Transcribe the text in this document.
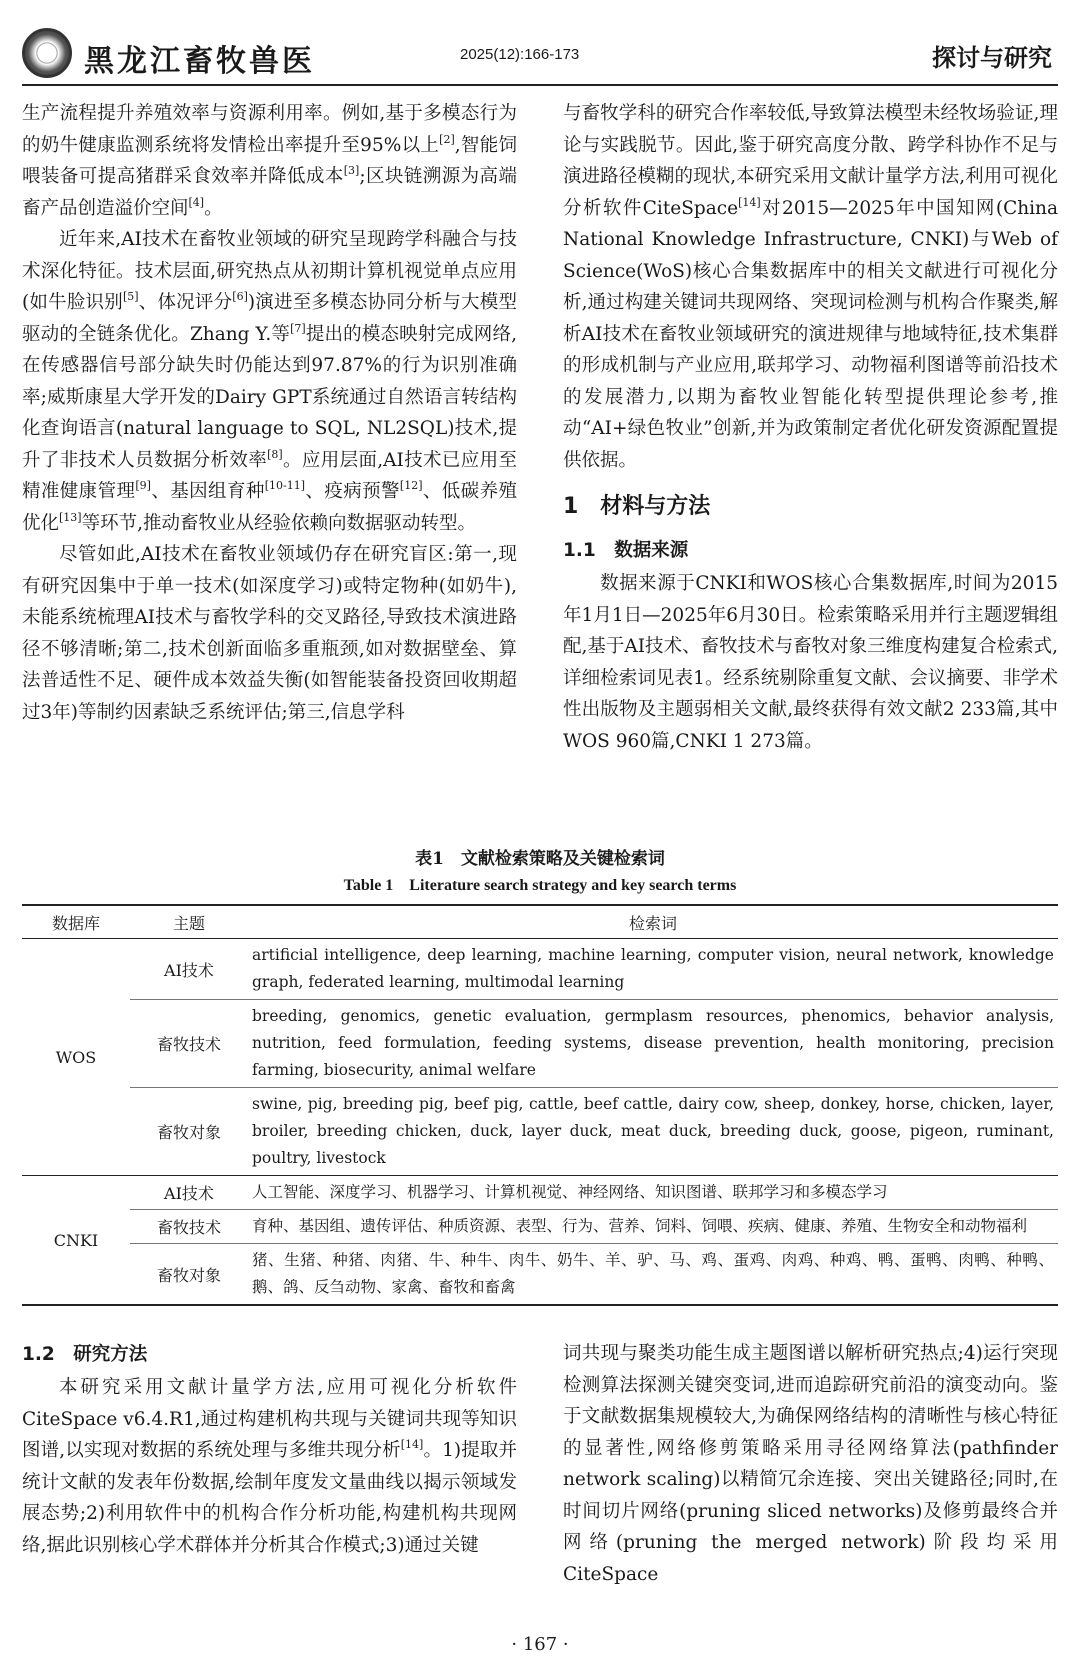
黑龙江畜牧兽医	2025(12):166-173	探讨与研究

生产流程提升养殖效率与资源利用率。例如,基于多模态行为的奶牛健康监测系统将发情检出率提升至95%以上[2],智能饲喂装备可提高猪群采食效率并降低成本[3];区块链溯源为高端畜产品创造溢价空间[4]。

近年来,AI技术在畜牧业领域的研究呈现跨学科融合与技术深化特征。技术层面,研究热点从初期计算机视觉单点应用(如牛脸识别[5]、体况评分[6])演进至多模态协同分析与大模型驱动的全链条优化。Zhang Y.等[7]提出的模态映射完成网络,在传感器信号部分缺失时仍能达到97.87%的行为识别准确率;威斯康星大学开发的Dairy GPT系统通过自然语言转结构化查询语言(natural language to SQL, NL2SQL)技术,提升了非技术人员数据分析效率[8]。应用层面,AI技术已应用至精准健康管理[9]、基因组育种[10-11]、疫病预警[12]、低碳养殖优化[13]等环节,推动畜牧业从经验依赖向数据驱动转型。

尽管如此,AI技术在畜牧业领域仍存在研究盲区:第一,现有研究因集中于单一技术(如深度学习)或特定物种(如奶牛),未能系统梳理AI技术与畜牧学科的交叉路径,导致技术演进路径不够清晰;第二,技术创新面临多重瓶颈,如对数据壁垒、算法普适性不足、硬件成本效益失衡(如智能装备投资回收期超过3年)等制约因素缺乏系统评估;第三,信息学科

与畜牧学科的研究合作率较低,导致算法模型未经牧场验证,理论与实践脱节。因此,鉴于研究高度分散、跨学科协作不足与演进路径模糊的现状,本研究采用文献计量学方法,利用可视化分析软件CiteSpace[14]对2015—2025年中国知网(China National Knowledge Infrastructure, CNKI)与Web of Science(WoS)核心合集数据库中的相关文献进行可视化分析,通过构建关键词共现网络、突现词检测与机构合作聚类,解析AI技术在畜牧业领域研究的演进规律与地域特征,技术集群的形成机制与产业应用,联邦学习、动物福利图谱等前沿技术的发展潜力,以期为畜牧业智能化转型提供理论参考,推动“AI+绿色牧业”创新,并为政策制定者优化研发资源配置提供依据。

1　材料与方法
1.1　数据来源

数据来源于CNKI和WOS核心合集数据库,时间为2015年1月1日—2025年6月30日。检索策略采用并行主题逻辑组配,基于AI技术、畜牧技术与畜牧对象三维度构建复合检索式,详细检索词见表1。经系统剔除重复文献、会议摘要、非学术性出版物及主题弱相关文献,最终获得有效文献2 233篇,其中WOS 960篇,CNKI 1 273篇。

表1　文献检索策略及关键检索词
Table 1　Literature search strategy and key search terms
数据库	主题	检索词
WOS	AI技术	artificial intelligence, deep learning, machine learning, computer vision, neural network, knowledge graph, federated learning, multimodal learning
	畜牧技术	breeding, genomics, genetic evaluation, germplasm resources, phenomics, behavior analysis, nutrition, feed formulation, feeding systems, disease prevention, health monitoring, precision farming, biosecurity, animal welfare
	畜牧对象	swine, pig, breeding pig, beef pig, cattle, beef cattle, dairy cow, sheep, donkey, horse, chicken, layer, broiler, breeding chicken, duck, layer duck, meat duck, breeding duck, goose, pigeon, ruminant, poultry, livestock
CNKI	AI技术	人工智能、深度学习、机器学习、计算机视觉、神经网络、知识图谱、联邦学习和多模态学习
	畜牧技术	育种、基因组、遗传评估、种质资源、表型、行为、营养、饲料、饲喂、疾病、健康、养殖、生物安全和动物福利
	畜牧对象	猪、生猪、种猪、肉猪、牛、种牛、肉牛、奶牛、羊、驴、马、鸡、蛋鸡、肉鸡、种鸡、鸭、蛋鸭、肉鸭、种鸭、鹅、鸽、反刍动物、家禽、畜牧和畜禽
1.2　研究方法

本研究采用文献计量学方法,应用可视化分析软件CiteSpace v6.4.R1,通过构建机构共现与关键词共现等知识图谱,以实现对数据的系统处理与多维共现分析[14]。1)提取并统计文献的发表年份数据,绘制年度发文量曲线以揭示领域发展态势;2)利用软件中的机构合作分析功能,构建机构共现网络,据此识别核心学术群体并分析其合作模式;3)通过关键

词共现与聚类功能生成主题图谱以解析研究热点;4)运行突现检测算法探测关键突变词,进而追踪研究前沿的演变动向。鉴于文献数据集规模较大,为确保网络结构的清晰性与核心特征的显著性,网络修剪策略采用寻径网络算法(pathfinder network scaling)以精简冗余连接、突出关键路径;同时,在时间切片网络(pruning sliced networks)及修剪最终合并网络(pruning the merged network)阶段均采用CiteSpace

· 167 ·
